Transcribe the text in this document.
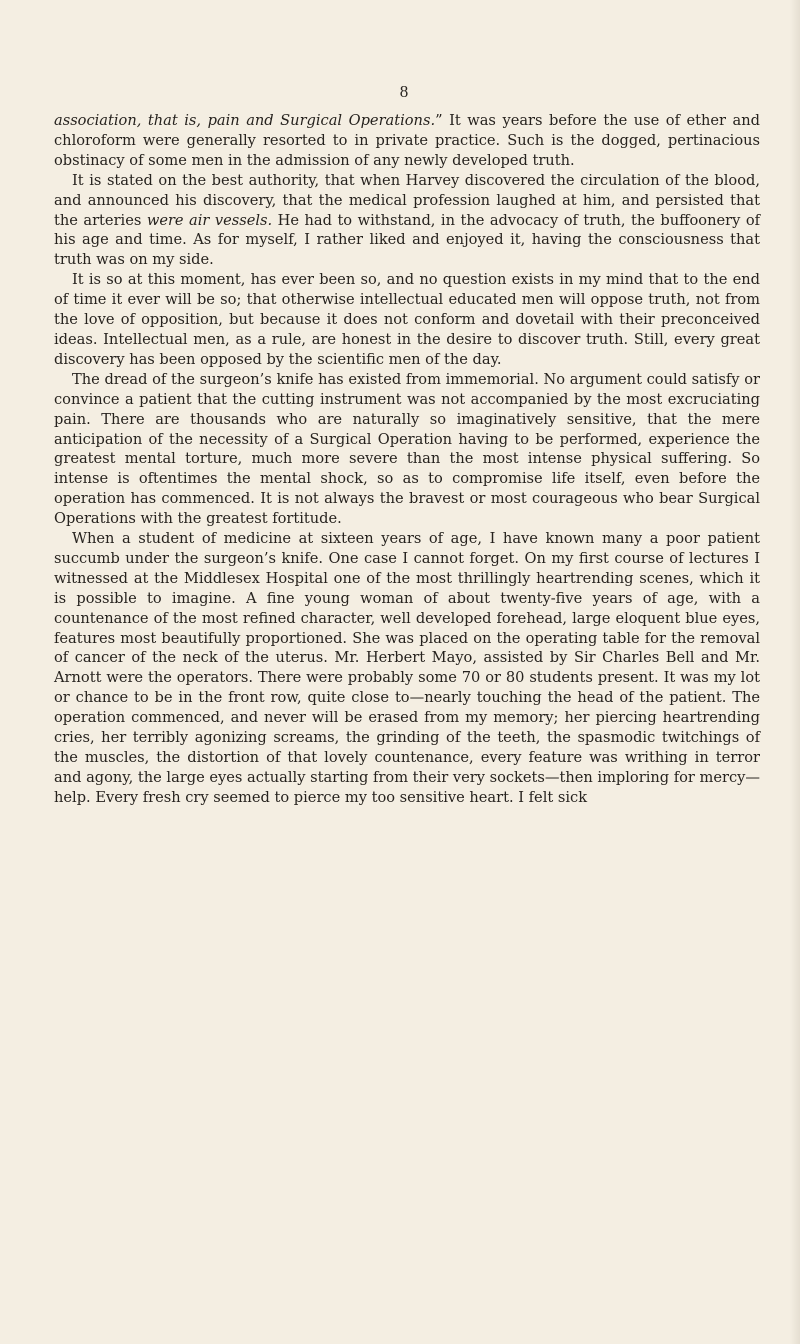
8

association, that is, pain and Surgical Operations.” It was years before the use of ether and chloroform were generally resorted to in private practice. Such is the dogged, pertinacious obstinacy of some men in the admission of any newly developed truth.

It is stated on the best authority, that when Harvey discovered the circulation of the blood, and announced his discovery, that the medical profession laughed at him, and persisted that the arteries were air vessels. He had to withstand, in the advocacy of truth, the buffoonery of his age and time. As for myself, I rather liked and enjoyed it, having the consciousness that truth was on my side.

It is so at this moment, has ever been so, and no question exists in my mind that to the end of time it ever will be so; that otherwise intellectual educated men will oppose truth, not from the love of opposition, but because it does not conform and dovetail with their preconceived ideas. Intellectual men, as a rule, are honest in the desire to discover truth. Still, every great discovery has been opposed by the scientific men of the day.

The dread of the surgeon’s knife has existed from immemorial. No argument could satisfy or convince a patient that the cutting instrument was not accompanied by the most excruciating pain. There are thousands who are naturally so imaginatively sensitive, that the mere anticipation of the necessity of a Surgical Operation having to be performed, experience the greatest mental torture, much more severe than the most intense physical suffering. So intense is oftentimes the mental shock, so as to compromise life itself, even before the operation has commenced. It is not always the bravest or most courageous who bear Surgical Operations with the greatest fortitude.

When a student of medicine at sixteen years of age, I have known many a poor patient succumb under the surgeon’s knife. One case I cannot forget. On my first course of lectures I witnessed at the Middlesex Hospital one of the most thrillingly heartrending scenes, which it is possible to imagine. A fine young woman of about twenty-five years of age, with a countenance of the most refined character, well developed forehead, large eloquent blue eyes, features most beautifully proportioned. She was placed on the operating table for the removal of cancer of the neck of the uterus. Mr. Herbert Mayo, assisted by Sir Charles Bell and Mr. Arnott were the operators. There were probably some 70 or 80 students present. It was my lot or chance to be in the front row, quite close to—nearly touching the head of the patient. The operation commenced, and never will be erased from my memory; her piercing heartrending cries, her terribly agonizing screams, the grinding of the teeth, the spasmodic twitchings of the muscles, the distortion of that lovely countenance, every feature was writhing in terror and agony, the large eyes actually starting from their very sockets—then imploring for mercy—help. Every fresh cry seemed to pierce my too sensitive heart. I felt sick
